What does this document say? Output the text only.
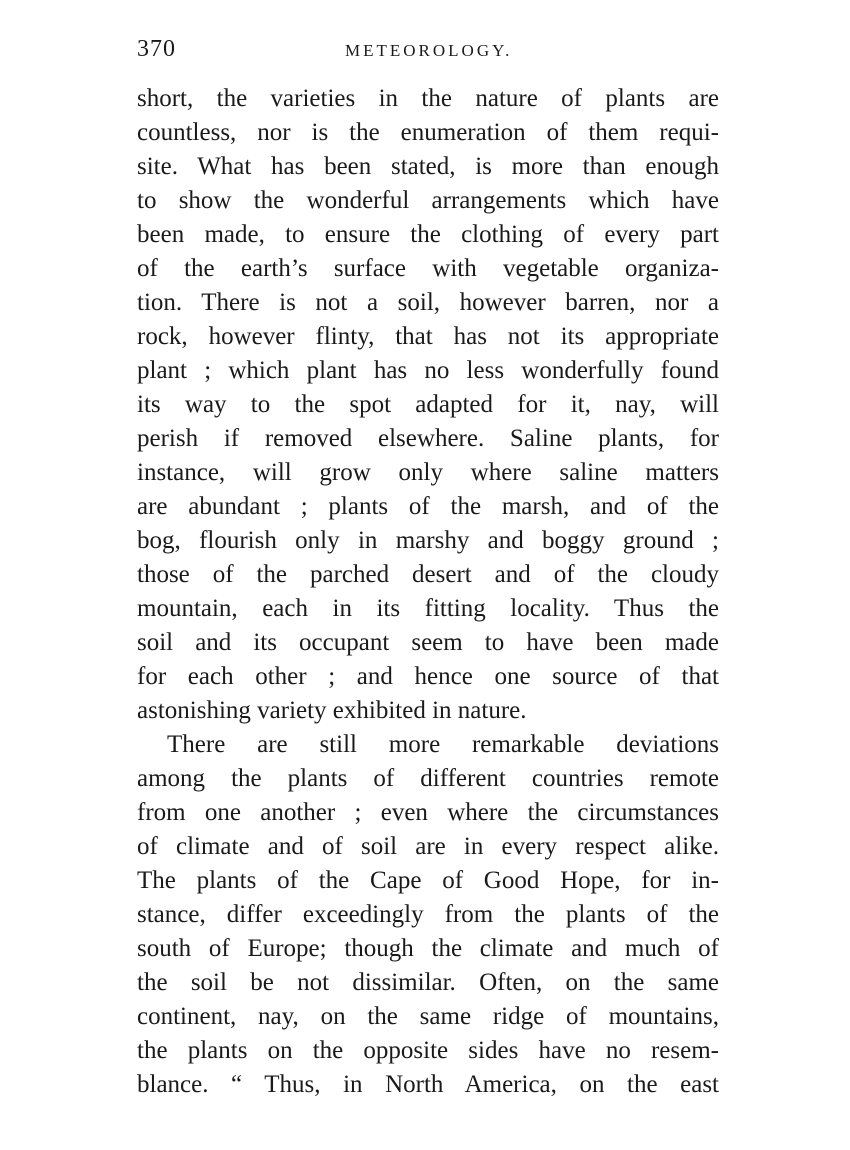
370	METEOROLOGY.
short, the varieties in the nature of plants are
countless, nor is the enumeration of them requi-
site. What has been stated, is more than enough
to show the wonderful arrangements which have
been made, to ensure the clothing of every part
of the earth’s surface with vegetable organiza-
tion. There is not a soil, however barren, nor a
rock, however flinty, that has not its appropriate
plant ; which plant has no less wonderfully found
its way to the spot adapted for it, nay, will
perish if removed elsewhere. Saline plants, for
instance, will grow only where saline matters
are abundant ; plants of the marsh, and of the
bog, flourish only in marshy and boggy ground ;
those of the parched desert and of the cloudy
mountain, each in its fitting locality. Thus the
soil and its occupant seem to have been made
for each other ; and hence one source of that
astonishing variety exhibited in nature.
There are still more remarkable deviations
among the plants of different countries remote
from one another ; even where the circumstances
of climate and of soil are in every respect alike.
The plants of the Cape of Good Hope, for in-
stance, differ exceedingly from the plants of the
south of Europe; though the climate and much of
the soil be not dissimilar. Often, on the same
continent, nay, on the same ridge of mountains,
the plants on the opposite sides have no resem-
blance. “ Thus, in North America, on the east
